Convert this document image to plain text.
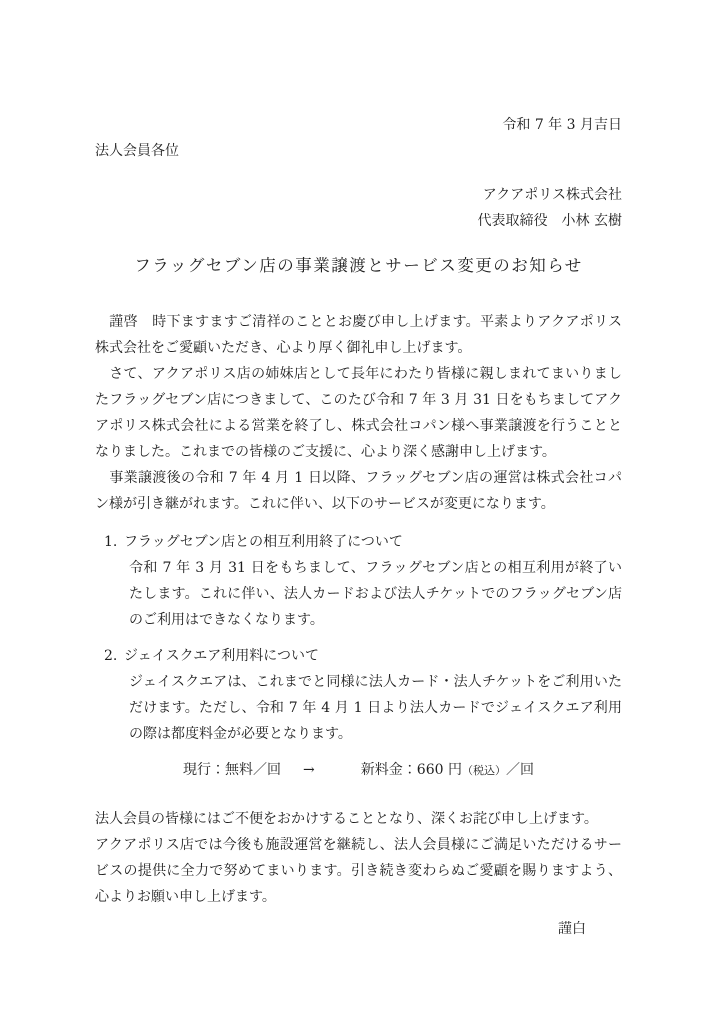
令和 7 年 3 月吉日
法人会員各位
アクアポリス株式会社
代表取締役　小林 玄樹
フラッグセブン店の事業譲渡とサービス変更のお知らせ

　謹啓　時下ますますご清祥のこととお慶び申し上げます。平素よりアクアポリス株式会社をご愛顧いただき、心より厚く御礼申し上げます。

　さて、アクアポリス店の姉妹店として長年にわたり皆様に親しまれてまいりましたフラッグセブン店につきまして、このたび令和 7 年 3 月 31 日をもちましてアクアポリス株式会社による営業を終了し、株式会社コパン様へ事業譲渡を行うこととなりました。これまでの皆様のご支援に、心より深く感謝申し上げます。

　事業譲渡後の令和 7 年 4 月 1 日以降、フラッグセブン店の運営は株式会社コパン様が引き継がれます。これに伴い、以下のサービスが変更になります。

1. フラッグセブン店との相互利用終了について

令和 7 年 3 月 31 日をもちまして、フラッグセブン店との相互利用が終了いたします。これに伴い、法人カードおよび法人チケットでのフラッグセブン店のご利用はできなくなります。

2. ジェイスクエア利用料について

ジェイスクエアは、これまでと同様に法人カード・法人チケットをご利用いただけます。ただし、令和 7 年 4 月 1 日より法人カードでジェイスクエア利用の際は都度料金が必要となります。

現行：無料／回 →	新料金：660 円（税込）／回

法人会員の皆様にはご不便をおかけすることとなり、深くお詫び申し上げます。

アクアポリス店では今後も施設運営を継続し、法人会員様にご満足いただけるサービスの提供に全力で努めてまいります。引き続き変わらぬご愛顧を賜りますよう、心よりお願い申し上げます。

謹白
